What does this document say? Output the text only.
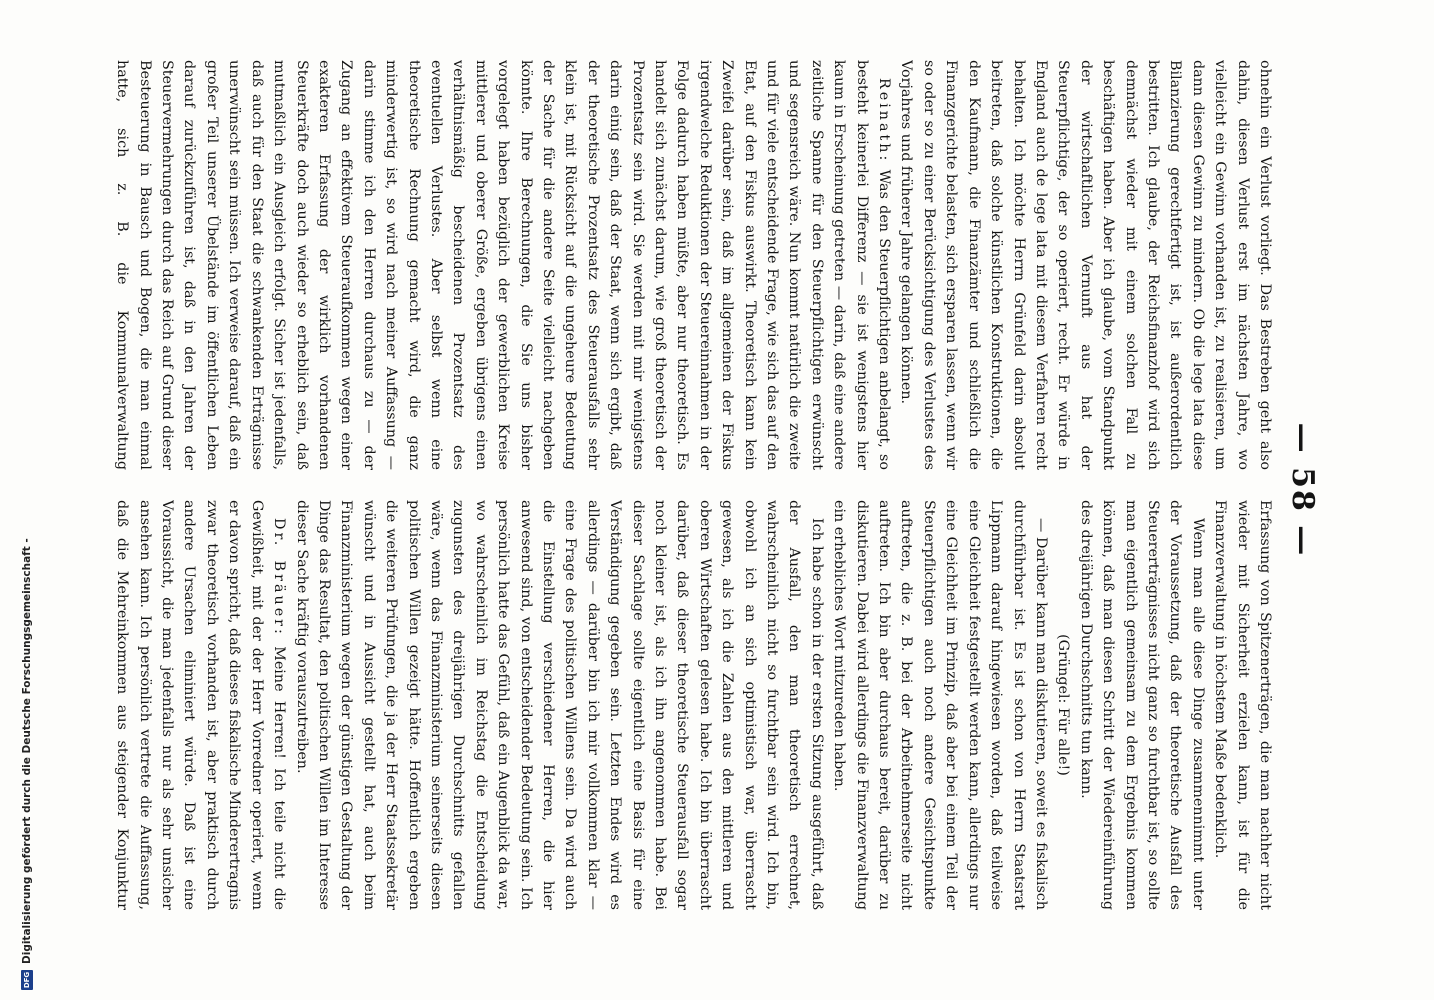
— 58 —

ohnehin ein Verlust vorliegt. Das Bestreben geht also dahin, diesen Verlust erst im nächsten Jahre, wo vielleicht ein Gewinn vorhanden ist, zu realisieren, um dann diesen Gewinn zu mindern. Ob die lege lata diese Bilanzierung gerechtfertigt ist, ist außerordentlich bestritten. Ich glaube, der Reichsfinanzhof wird sich demnächst wieder mit einem solchen Fall zu beschäftigen haben. Aber ich glaube, vom Standpunkt der wirtschaftlichen Vernunft aus hat der Steuerpflichtige, der so operiert, recht. Er würde in England auch de lege lata mit diesem Verfahren recht behalten. Ich möchte Herrn Grünfeld darin absolut beitreten, daß solche künstlichen Konstruktionen, die den Kaufmann, die Finanzämter und schließlich die Finanzgerichte belasten, sich ersparen lassen, wenn wir so oder so zu einer Berücksichtigung des Verlustes des Vorjahres und früherer Jahre gelangen können.

Reinath: Was den Steuerpflichtigen anbelangt, so besteht keinerlei Differenz — sie ist wenigstens hier kaum in Erscheinung getreten — darin, daß eine andere zeitliche Spanne für den Steuerpflichtigen erwünscht und segensreich wäre. Nun kommt natürlich die zweite und für viele entscheidende Frage, wie sich das auf den Etat, auf den Fiskus auswirkt. Theoretisch kann kein Zweifel darüber sein, daß im allgemeinen der Fiskus irgendwelche Reduktionen der Steuereinnahmen in der Folge dadurch haben müßte, aber nur theoretisch. Es handelt sich zunächst darum, wie groß theoretisch der Prozentsatz sein wird. Sie werden mit mir wenigstens darin einig sein, daß der Staat, wenn sich ergibt, daß der theoretische Prozentsatz des Steuerausfalls sehr klein ist, mit Rücksicht auf die ungeheure Bedeutung der Sache für die andere Seite vielleicht nachgeben könnte. Ihre Berechnungen, die Sie uns bisher vorgelegt haben bezüglich der gewerblichen Kreise mittlerer und oberer Größe, ergeben übrigens einen verhältnismäßig bescheidenen Prozentsatz des eventuellen Verlustes. Aber selbst wenn eine theoretische Rechnung gemacht wird, die ganz minderwertig ist, so wird nach meiner Auffassung — darin stimme ich den Herren durchaus zu — der Zugang an effektivem Steueraufkommen wegen einer exakteren Erfassung der wirklich vorhandenen Steuerkräfte doch auch wieder so erheblich sein, daß mutmaßlich ein Ausgleich erfolgt. Sicher ist jedenfalls, daß auch für den Staat die schwankenden Erträgnisse unerwünscht sein müssen. Ich verweise darauf, daß ein großer Teil unserer Übelstände im öffentlichen Leben darauf zurückzuführen ist, daß in den Jahren der Steuervermehrungen durch das Reich auf Grund dieser Besteuerung in Bausch und Bogen, die man einmal hatte, sich z. B. die Kommunalverwaltung

Erfassung von Spitzenerträgen, die man nachher nicht wieder mit Sicherheit erzielen kann, ist für die Finanzverwaltung in höchstem Maße bedenklich.

Wenn man alle diese Dinge zusammennimmt unter der Voraussetzung, daß der theoretische Ausfall des Steuererträgnisses nicht ganz so furchtbar ist, so sollte man eigentlich gemeinsam zu dem Ergebnis kommen können, daß man diesen Schritt der Wiedereinführung des dreijährigen Durchschnitts tun kann.

(Grüngel: Für alle!)

— Darüber kann man diskutieren, soweit es fiskalisch durchführbar ist. Es ist schon von Herrn Staatsrat Lippmann darauf hingewiesen worden, daß teilweise eine Gleichheit festgestellt werden kann, allerdings nur eine Gleichheit im Prinzip, daß aber bei einem Teil der Steuerpflichtigen auch noch andere Gesichtspunkte auftreten, die z. B. bei der Arbeitnehmerseite nicht auftreten. Ich bin aber durchaus bereit, darüber zu diskutieren. Dabei wird allerdings die Finanzverwaltung ein erhebliches Wort mitzureden haben.

Ich habe schon in der ersten Sitzung ausgeführt, daß der Ausfall, den man theoretisch errechnet, wahrscheinlich nicht so furchtbar sein wird. Ich bin, obwohl ich an sich optimistisch war, überrascht gewesen, als ich die Zahlen aus den mittleren und oberen Wirtschaften gelesen habe. Ich bin überrascht darüber, daß dieser theoretische Steuerausfall sogar noch kleiner ist, als ich ihn angenommen habe. Bei dieser Sachlage sollte eigentlich eine Basis für eine Verständigung gegeben sein. Letzten Endes wird es allerdings — darüber bin ich mir vollkommen klar — eine Frage des politischen Willens sein. Da wird auch die Einstellung verschiedener Herren, die hier anwesend sind, von entscheidender Bedeutung sein. Ich persönlich hatte das Gefühl, daß ein Augenblick da war, wo wahrscheinlich im Reichstag die Entscheidung zugunsten des dreijährigen Durchschnitts gefallen wäre, wenn das Finanzministerium seinerseits diesen politischen Willen gezeigt hätte. Hoffentlich ergeben die weiteren Prüfungen, die ja der Herr Staatssekretär wünscht und in Aussicht gestellt hat, auch beim Finanzministerium wegen der günstigen Gestaltung der Dinge das Resultat, den politischen Willen im Interesse dieser Sache kräftig vorauszutreiben.

Dr. Bräuer: Meine Herren! Ich teile nicht die Gewißheit, mit der der Herr Vorredner operiert, wenn er davon spricht, daß dieses fiskalische Minderertragnis zwar theoretisch vorhanden ist, aber praktisch durch andere Ursachen eliminiert würde. Daß ist eine Voraussicht, die man jedenfalls nur als sehr unsicher ansehen kann. Ich persönlich vertrete die Auffassung, daß die Mehreinkommen aus steigender Konjunktur

DFG
Digitalisierung gefördert durch die Deutsche Forschungsgemeinschaft -
